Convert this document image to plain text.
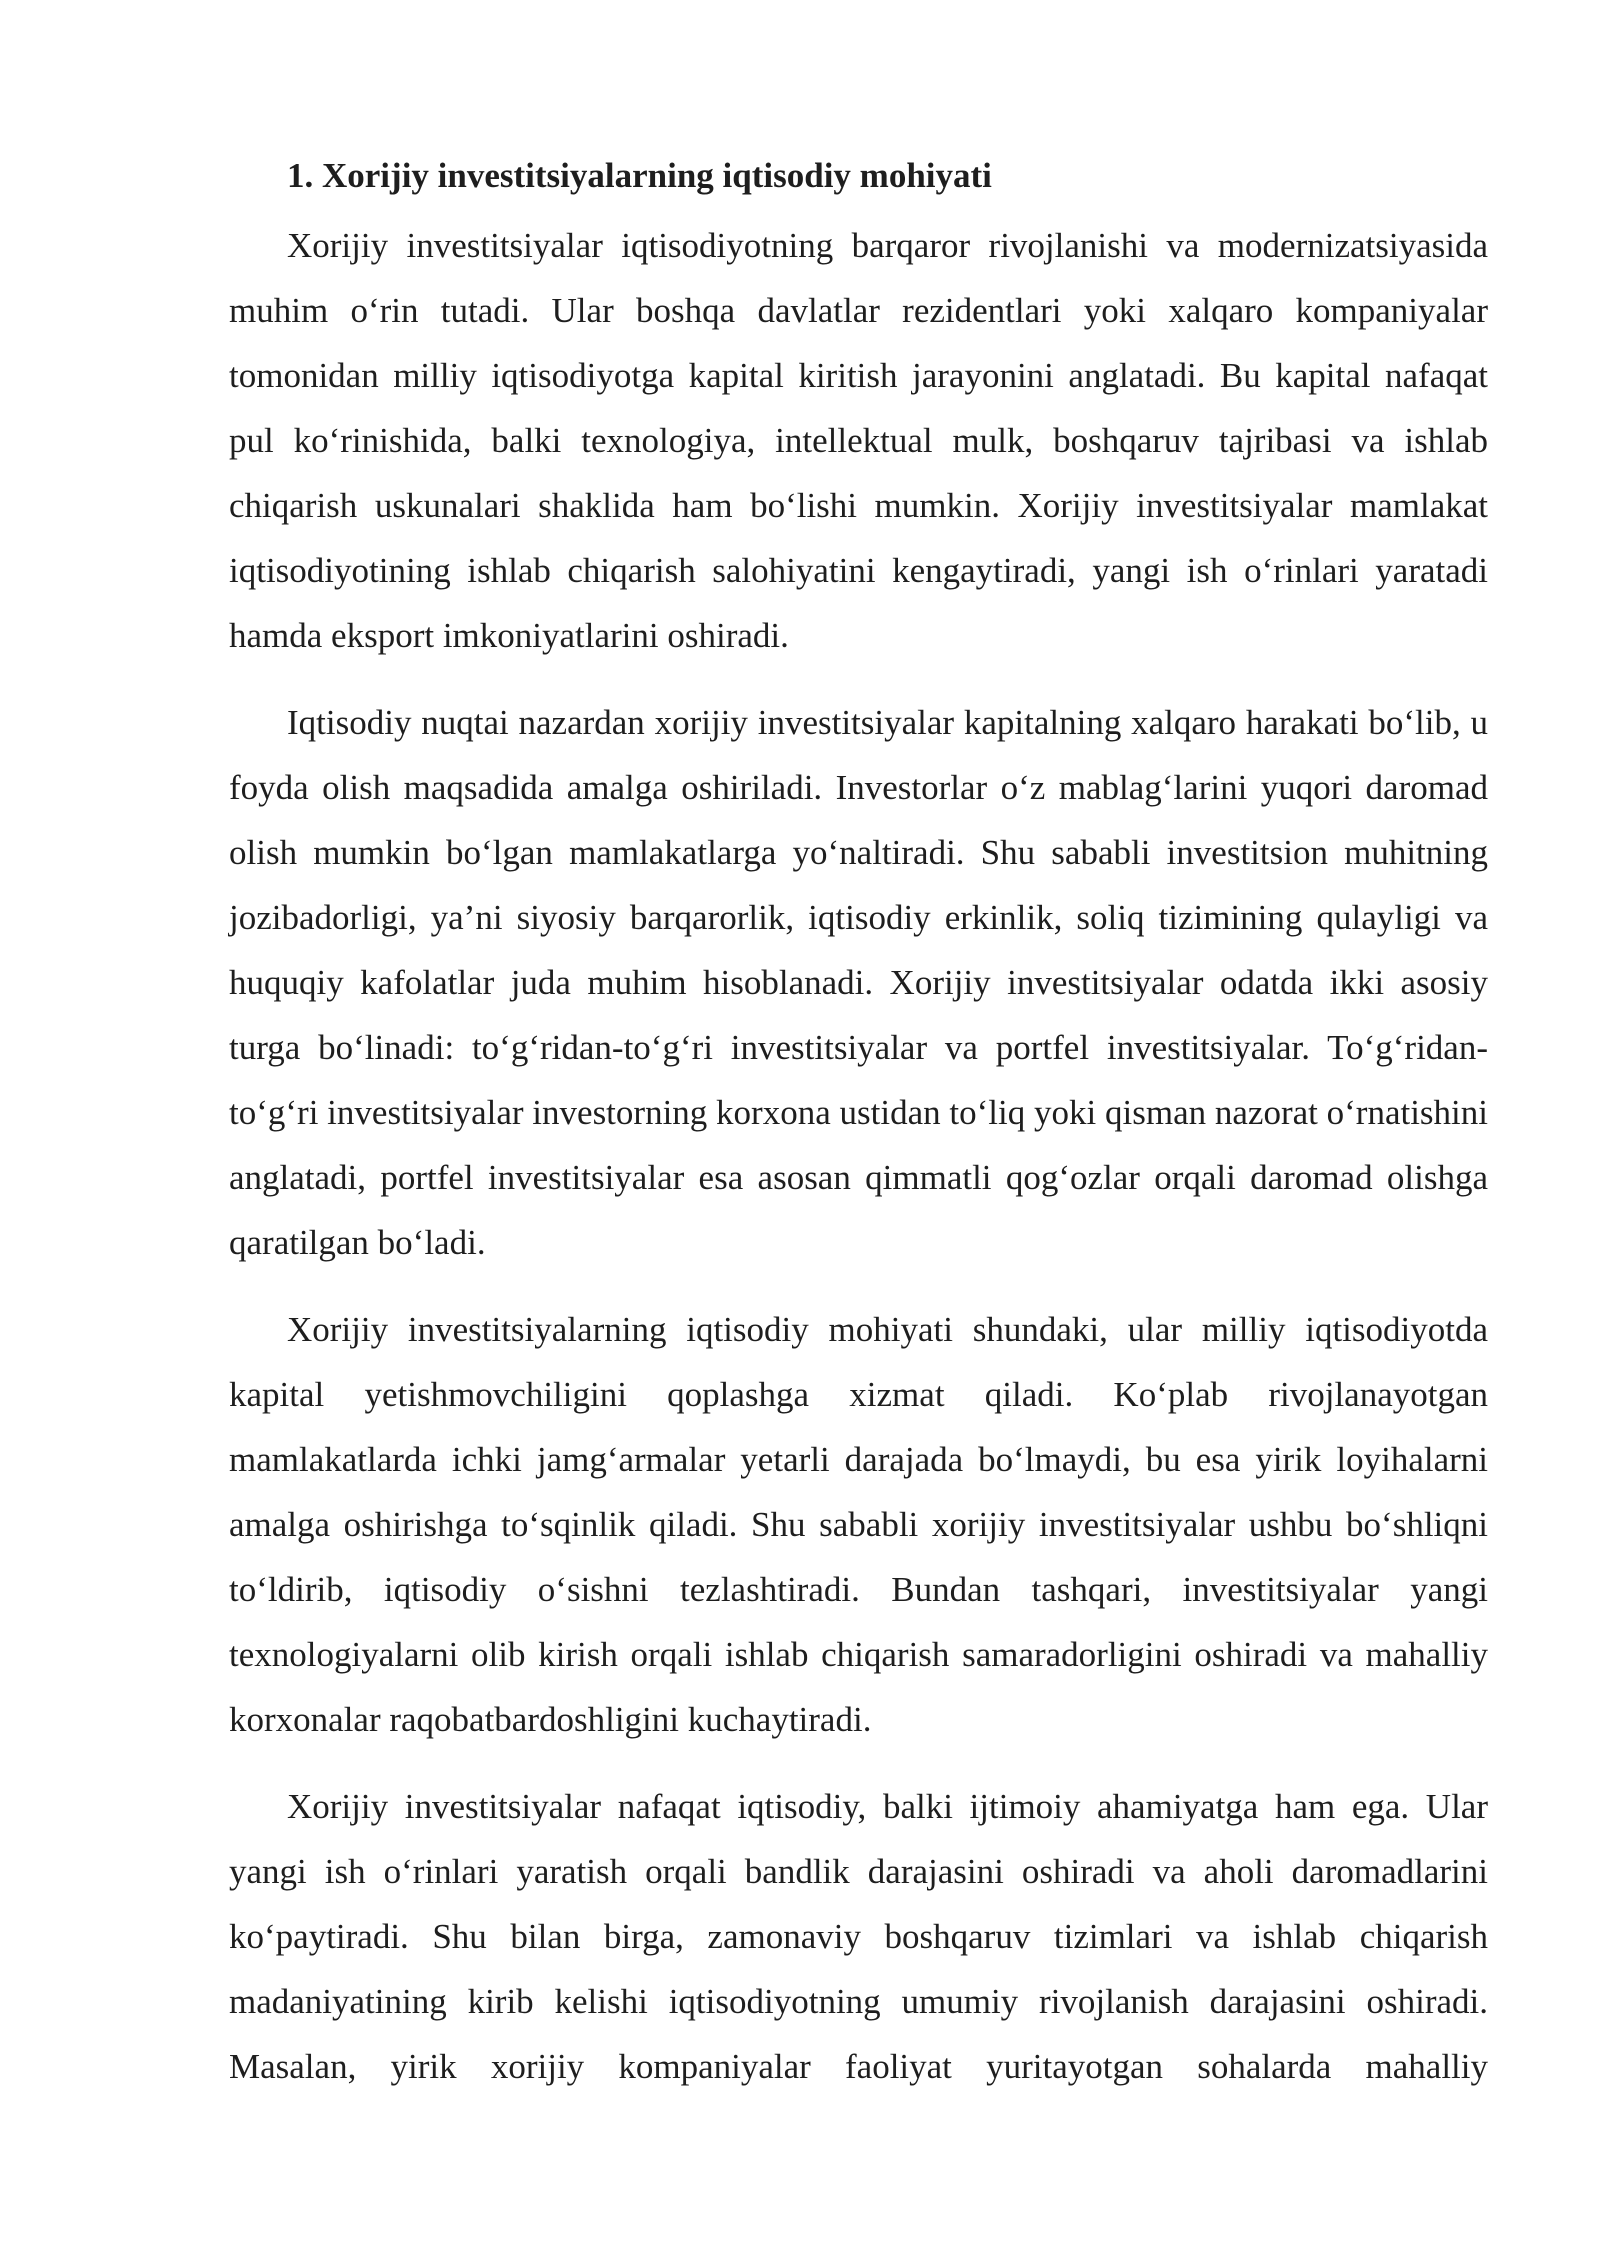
1. Xorijiy investitsiyalarning iqtisodiy mohiyati

Xorijiy investitsiyalar iqtisodiyotning barqaror rivojlanishi va modernizatsiyasida muhim o‘rin tutadi. Ular boshqa davlatlar rezidentlari yoki xalqaro kompaniyalar tomonidan milliy iqtisodiyotga kapital kiritish jarayonini anglatadi. Bu kapital nafaqat pul ko‘rinishida, balki texnologiya, intellektual mulk, boshqaruv tajribasi va ishlab chiqarish uskunalari shaklida ham bo‘lishi mumkin. Xorijiy investitsiyalar mamlakat iqtisodiyotining ishlab chiqarish salohiyatini kengaytiradi, yangi ish o‘rinlari yaratadi hamda eksport imkoniyatlarini oshiradi.

Iqtisodiy nuqtai nazardan xorijiy investitsiyalar kapitalning xalqaro harakati bo‘lib, u foyda olish maqsadida amalga oshiriladi. Investorlar o‘z mablag‘larini yuqori daromad olish mumkin bo‘lgan mamlakatlarga yo‘naltiradi. Shu sababli investitsion muhitning jozibadorligi, ya’ni siyosiy barqarorlik, iqtisodiy erkinlik, soliq tizimining qulayligi va huquqiy kafolatlar juda muhim hisoblanadi. Xorijiy investitsiyalar odatda ikki asosiy turga bo‘linadi: to‘g‘ridan-to‘g‘ri investitsiyalar va portfel investitsiyalar. To‘g‘ridan-to‘g‘ri investitsiyalar investorning korxona ustidan to‘liq yoki qisman nazorat o‘rnatishini anglatadi, portfel investitsiyalar esa asosan qimmatli qog‘ozlar orqali daromad olishga qaratilgan bo‘ladi.

Xorijiy investitsiyalarning iqtisodiy mohiyati shundaki, ular milliy iqtisodiyotda kapital yetishmovchiligini qoplashga xizmat qiladi. Ko‘plab rivojlanayotgan mamlakatlarda ichki jamg‘armalar yetarli darajada bo‘lmaydi, bu esa yirik loyihalarni amalga oshirishga to‘sqinlik qiladi. Shu sababli xorijiy investitsiyalar ushbu bo‘shliqni to‘ldirib, iqtisodiy o‘sishni tezlashtiradi. Bundan tashqari, investitsiyalar yangi texnologiyalarni olib kirish orqali ishlab chiqarish samaradorligini oshiradi va mahalliy korxonalar raqobatbardoshligini kuchaytiradi.

Xorijiy investitsiyalar nafaqat iqtisodiy, balki ijtimoiy ahamiyatga ham ega. Ular yangi ish o‘rinlari yaratish orqali bandlik darajasini oshiradi va aholi daromadlarini ko‘paytiradi. Shu bilan birga, zamonaviy boshqaruv tizimlari va ishlab chiqarish madaniyatining kirib kelishi iqtisodiyotning umumiy rivojlanish darajasini oshiradi. Masalan, yirik xorijiy kompaniyalar faoliyat yuritayotgan sohalarda mahalliy
